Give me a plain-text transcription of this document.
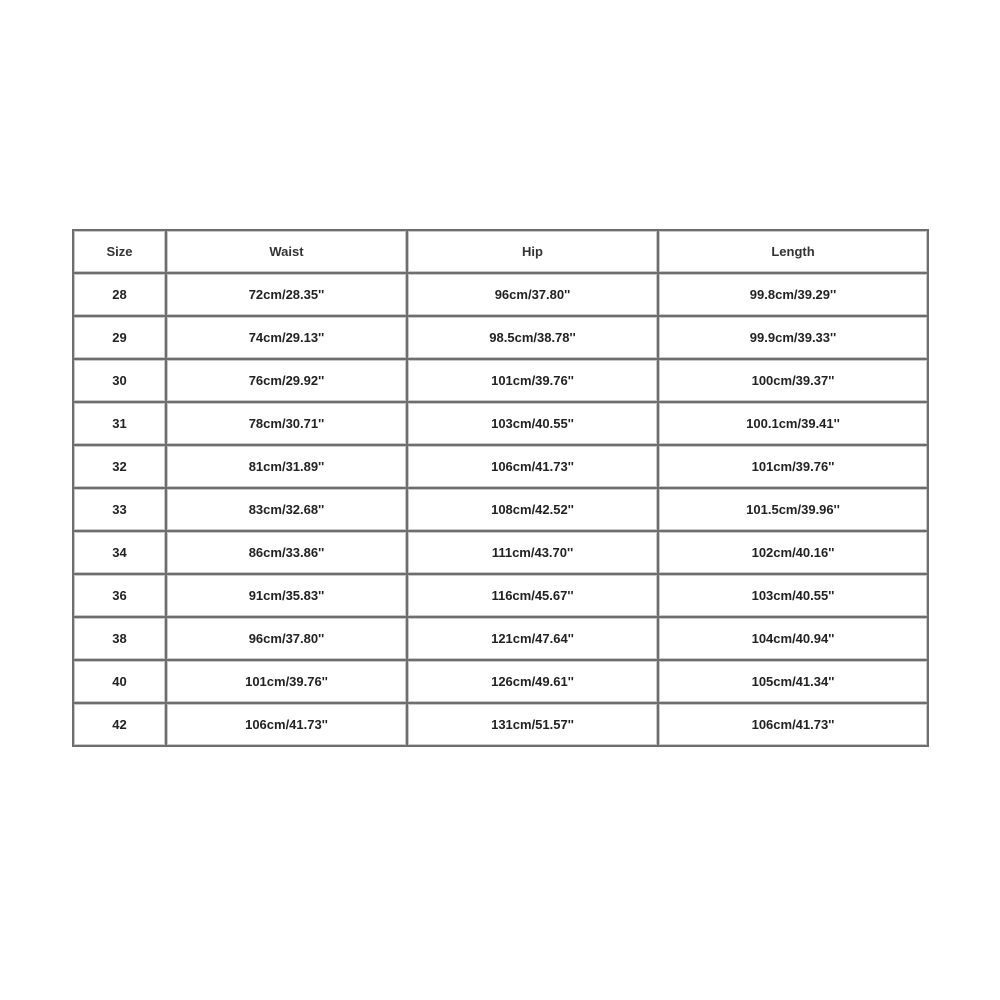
Size	Waist	Hip	Length
28	72cm/28.35''	96cm/37.80''	99.8cm/39.29''
29	74cm/29.13''	98.5cm/38.78''	99.9cm/39.33''
30	76cm/29.92''	101cm/39.76''	100cm/39.37''
31	78cm/30.71''	103cm/40.55''	100.1cm/39.41''
32	81cm/31.89''	106cm/41.73''	101cm/39.76''
33	83cm/32.68''	108cm/42.52''	101.5cm/39.96''
34	86cm/33.86''	111cm/43.70''	102cm/40.16''
36	91cm/35.83''	116cm/45.67''	103cm/40.55''
38	96cm/37.80''	121cm/47.64''	104cm/40.94''
40	101cm/39.76''	126cm/49.61''	105cm/41.34''
42	106cm/41.73''	131cm/51.57''	106cm/41.73''
